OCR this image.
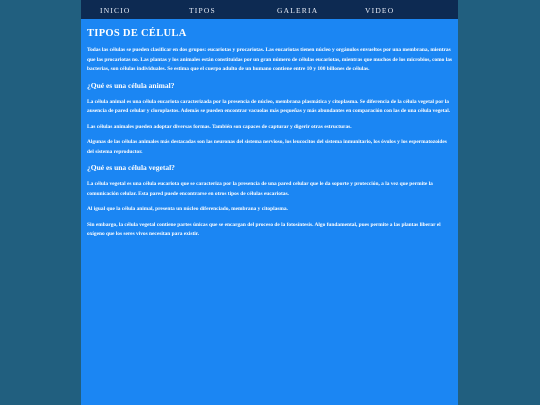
INICIO	TIPOS	GALERIA	VIDEO
TIPOS DE CÉLULA

Todas las células se pueden clasificar en dos grupos: eucariotas y procariotas. Las eucariotas tienen núcleo y orgánulos envueltos por una membrana, mientras que las procariotas no. Las plantas y los animales están constituidas por un gran número de células eucariotas, mientras que muchos de los microbios, como las bacterias, son células individuales. Se estima que el cuerpo adulto de un humano contiene entre 10 y 100 billones de células.

¿Qué es una célula animal?

La célula animal es una célula eucariota caracterizada por la presencia de núcleo, membrana plasmática y citoplasma. Se diferencia de la célula vegetal por la ausencia de pared celular y cloroplastos. Además se pueden encontrar vacuolas más pequeñas y más abundantes en comparación con las de una célula vegetal.

Las células animales pueden adoptar diversas formas. También son capaces de capturar y digerir otras estructuras.

Algunas de las células animales más destacadas son las neuronas del sistema nervioso, los leucocitos del sistema inmunitario, los óvulos y los espermatozoides del sistema reproductor.

¿Qué es una célula vegetal?

La célula vegetal es una célula eucariota que se caracteriza por la presencia de una pared celular que le da soporte y protección, a la vez que permite la comunicación celular. Esta pared puede encontrarse en otros tipos de células eucariotas.

Al igual que la célula animal, presenta un núcleo diferenciado, membrana y citoplasma.

Sin embargo, la célula vegetal contiene partes únicas que se encargan del proceso de la fotosíntesis. Algo fundamental, pues permite a las plantas liberar el oxígeno que los seres vivos necesitan para existir.
